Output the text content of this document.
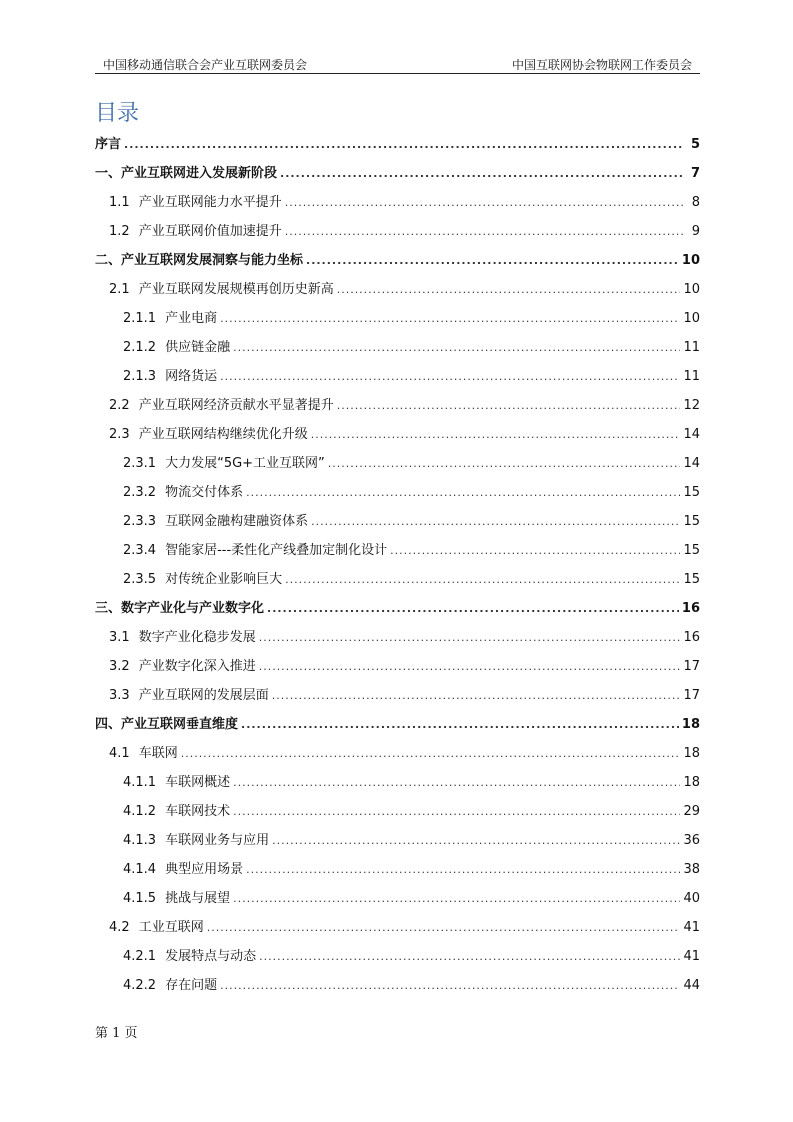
中国移动通信联合会产业互联网委员会	中国互联网协会物联网工作委员会
目录
序言 .....	5
一、产业互联网进入发展新阶段 .....	7
1.1 产业互联网能力水平提升 .....	8
1.2 产业互联网价值加速提升 .....	9
二、产业互联网发展洞察与能力坐标 .....	10
2.1 产业互联网发展规模再创历史新高 .....	10
2.1.1 产业电商 .....	10
2.1.2 供应链金融 .....	11
2.1.3 网络货运 .....	11
2.2 产业互联网经济贡献水平显著提升 .....	12
2.3 产业互联网结构继续优化升级 .....	14
2.3.1 大力发展“5G+工业互联网” .....	14
2.3.2 物流交付体系 .....	15
2.3.3 互联网金融构建融资体系 .....	15
2.3.4 智能家居---柔性化产线叠加定制化设计 .....	15
2.3.5 对传统企业影响巨大 .....	15
三、数字产业化与产业数字化 .....	16
3.1 数字产业化稳步发展 .....	16
3.2 产业数字化深入推进 .....	17
3.3 产业互联网的发展层面 .....	17
四、产业互联网垂直维度 .....	18
4.1 车联网 .....	18
4.1.1 车联网概述 .....	18
4.1.2 车联网技术 .....	29
4.1.3 车联网业务与应用 .....	36
4.1.4 典型应用场景 .....	38
4.1.5 挑战与展望 .....	40
4.2 工业互联网 .....	41
4.2.1 发展特点与动态 .....	41
4.2.2 存在问题 .....	44
第 1 页
